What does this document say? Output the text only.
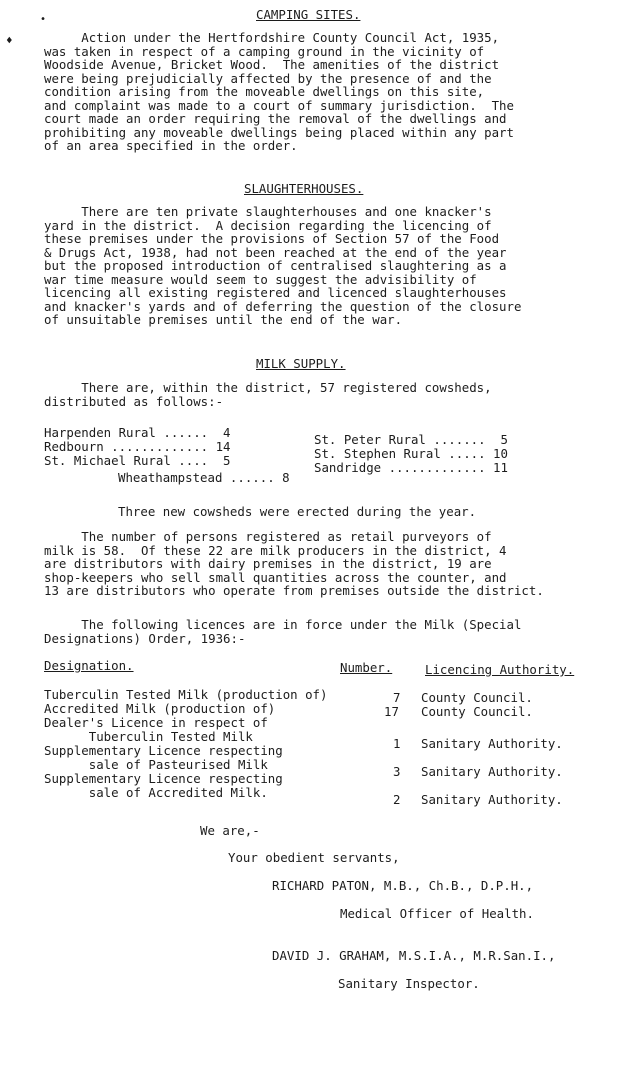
•
♦
CAMPING SITES.

Action under the Hertfordshire County Council Act, 1935,

was taken in respect of a camping ground in the vicinity of

Woodside Avenue, Bricket Wood.  The amenities of the district

were being prejudicially affected by the presence of and the

condition arising from the moveable dwellings on this site,

and complaint was made to a court of summary jurisdiction.  The

court made an order requiring the removal of the dwellings and

prohibiting any moveable dwellings being placed within any part

of an area specified in the order.

SLAUGHTERHOUSES.

There are ten private slaughterhouses and one knacker's

yard in the district.  A decision regarding the licencing of

these premises under the provisions of Section 57 of the Food

& Drugs Act, 1938, had not been reached at the end of the year

but the proposed introduction of centralised slaughtering as a

war time measure would seem to suggest the advisibility of

licencing all existing registered and licenced slaughterhouses

and knacker's yards and of deferring the question of the closure

of unsuitable premises until the end of the war.

MILK SUPPLY.

There are, within the district, 57 registered cowsheds,

distributed as follows:-

Harpenden Rural ......  4
Redbourn ............. 14
St. Michael Rural ....  5
St. Peter Rural .......  5
St. Stephen Rural ..... 10
Sandridge ............. 11
Wheathampstead ...... 8
Three new cowsheds were erected during the year.

The number of persons registered as retail purveyors of

milk is 58.  Of these 22 are milk producers in the district, 4

are distributors with dairy premises in the district, 19 are

shop-keepers who sell small quantities across the counter, and

13 are distributors who operate from premises outside the district.

The following licences are in force under the Milk (Special

Designations) Order, 1936:-

Designation.	Number.	Licencing Authority.
Tuberculin Tested Milk (production of)
Accredited Milk (production of)
Dealer's Licence in respect of
Tuberculin Tested Milk
Supplementary Licence respecting
sale of Pasteurised Milk
Supplementary Licence respecting
sale of Accredited Milk.
7 County Council.
17 County Council.
1 Sanitary Authority.
3 Sanitary Authority.
2 Sanitary Authority.
We are,-
Your obedient servants,
RICHARD PATON, M.B., Ch.B., D.P.H.,
Medical Officer of Health.
DAVID J. GRAHAM, M.S.I.A., M.R.San.I.,
Sanitary Inspector.
